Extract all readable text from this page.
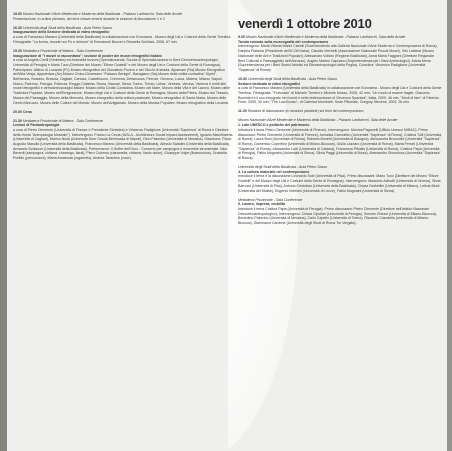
18.00 Museo Nazionale d'Arte Medievale e Moderna della Basilicata - Palazzo Lanfranchi, Sala delle Arcate

Presentazione, in ordine plenario, dei temi chiave emersi durante le sessioni di discussione 1 e 2

16.30 Università degli Studi della Basilicata - Aula Pietro Sasso

Inaugurazione della Sezione dedicata ai video etnografici

a cura di Francesco Marano (Università della Basilicata) in collaborazione con Eurorama - Museo degli Usi e Costumi della Gente Trentina. Filmografia: "La forma, Incontri sul Po e dintorni" di Emmanuel Bunzel e Rossella Schillaci, 2008, 67 min.

19.30 Mediateca Provinciale di Matera - Sala Conferenze

Inaugurazione di "I musei si raccontano": sezione di poster dei musei etnografici italiani

a cura di Angela Cirelli (Simbdea) ed Antonella Iezzoni (Specializzanda, Scuola di Specializzazione in Beni Demoetnoantropologici, Università di Perugia) e Mario Turci (Direttore del Museo "Ettore Guatelli" e del Museo degli Usi e Costumi della Gente di Romagna). Partecipano: Allievo di Lucarda (FV)-Museo etnografico del Giocattolo Povero e dei Giochi di strada, Alpamare (Ra)-Museo Etnografico dell'Alta Vesja, Appuledwa (Av)-Museo Civico-Diocesano "Palazzo Benigni", Baragiano (Sa)-Museo della civiltà contadina "Alpini", Bellinzona, Bolzano, Brescia, Cagliari, Canosa, Castelbuono, Cremona, Delianuova, Firenze, Genova, Lucca, Matera, Milano, Napoli, Nuoro, Palermo, Perugia, Potenza, Reggio Calabria, Roma, Sassari, Siena, Torino, Trento, Udine, Venezia, Verona, Vicenza e molti altri musei etnografici e demoantropologici italiani: Museo della Civiltà Contadina, Museo del Mare, Museo della Vita e del Lavoro, Museo delle Tradizioni Popolari, Museo dell'Emigrazione, Museo degli Usi e Costumi della Gente di Romagna, Museo della Pietra, Museo del Tessuto, Museo del Paesaggio, Museo della Memoria, Museo etnografico della cultura pastorale, Museo etnografico di Santa Maria, Museo delle Genti d'Abruzzo, Museo delle Culture del Mondo, Museo dell'Artigianato, Museo della Musica Popolare, Museo etnografico della Lucania.

20.00 Cena

21.30 Mediateca Provinciale di Matera - Sala Conferenze

Lezioni di Fantantropologia

a cura di Pietro Clemente (Università di Firenze e Presidente Simbdea) e Vincenzo Padiglione (Università "Sapienza" di Roma e Direttore della rivista "Antropologia Museale"). Intervengono: Franco La Cecla (IUSLA - Architecture Social Impact Assessment), Ignazio Macchiarella (Università di Cagliari), Marino Niola (Università Suor Orsola Benincasa di Napoli), Dino Palumbo (Università di Messina). Discutono: Paolo Augusto Masullo (Università della Basilicata), Francesco Marano (Università della Basilicata), Alessio Saladini (Università della Basilicata), Armando Schiavon (Università della Basilicata). Performance: Il Suffre dell'Orso - Concerto per zampogna e ensemble strumentale. Nico Berardi (zampogna, chitarra, charango, flauti), Piero Colonna (ciaramella, chitarra, flauto dolce), Giuseppe Volpe (fisarmonica), Graziella Porfido (percussioni), Marta Amatruda (organetto), Andrea Tarantino (voce).

venerdì 1 ottobre 2010

9.00 Museo Nazionale d'Arte Medievale e Moderna della Basilicata - Palazzo Lanfranchi, Sala delle Arcate

Tavola rotonda sulla museografia del contemporaneo

Intervengono: Maria Vittoria Marini Clarelli (Sovrintendente alla Galleria Nazionale d'Arte Moderna e Contemporanea di Roma), Daniela Platania (Presidente dell'ICOM Italia), Claudia Veichelli (Associazione Nazionale Piccoli Musei), Vito Lattanzi (Museo Nazionale delle Arti e Tradizioni Popolari), Alessandro Vollaro (Regione Basilicata), Anna Maria Faggioni (Direttore Regionale Beni Culturali e Paesaggistici dell'Abruzzo), Angelo Marino Capuano (Soprintendenza per i Beni Archeologici), Marta Mena (Soprintendenza per i Beni Storici Artistici ed Etnoantropologici della Puglia). Coordina: Vincenzo Padiglione (Università "Sapienza" di Roma)

10.30 Università degli Studi della Basilicata - Aula Pietro Sasso

Sezione dedicata ai video etnografici

a cura di Francesco Marano (Università della Basilicata) in collaborazione con Eurorama - Museo degli Usi e Costumi della Gente Trentina. Filmografia: "Fortunato" di Michele Trentini e Michele Mosso, 2005, 42 min; "Un modo di essere fragile. Giacomo Bucchieri e il suo etnografo nei ricordi e nelle testimonianze di Vincenzo Spaziani", Italia, 2009, 46 min; "Modi di fare" di Fabrizio Fiore, 2009, 30 min; "The Low Bunso", di Caterina Morcinelli, Sean Pittoriale, Gregory Stevens, 2009, 26 min.

11.00 Sessioni di discussione (in sessioni parallele) sui temi del contemporaneo:

Museo Nazionale d'Arte Medievale e Moderna della Basilicata - Palazzo Lanfranchi, Sala delle Arcate

1. Late UNESCO e politiche del patrimonio

Introduce il tema Pietro Clemente (Università di Firenze). Intervengono: Monica Paganelli (Ufficio Unesco MIBAC). Primo discussant: Pietro Clemente (Università di Firenze), Annalisa Camoletto (Università "Sapienza" di Roma), Cristina Tulli (Università di Roma), Laura Boni (Università di Roma), Roberta Bonetti (Università di Bologna), Alessandra Broccolini (Università "Sapienza" di Roma), Domenico Copertino (Università di Milano-Bicocca), Giulia Lazzaro (Università di Roma), Marta Ferrari (Università "Sapienza" di Roma), Alessandro Lutri (Università di Catania), Francesca Pitzalis (Università di Roma), Cristina Papa (Università di Perugia), Fabio Mugnaini (Università di Siena), Silvia Paggi (Università di Nizza), Alessandro Simonicca (Università "Sapienza" di Roma).

Università degli Studi della Basilicata - Aula Pietro Sasso

4. La cultura materiale nel contemporaneo

Introduce il tema e la discussione Leonardo Sole (Università di Pisa). Primo discussant: Mario Turci (Direttore del Museo "Ettore Guatelli" e del Museo degli Usi e Costumi della Gente di Romagna). Intervengono: Massimo Adinolfi (Università di Verona), Silvia Barrucci (Università di Pisa), Antonio Cristofaro (Università della Basilicata), Chiara Garbellini (Università di Milano), Letizia Bindi (Università del Molise), Eugenio Imbriani (Università di Lecce), Fabio Mugnaini (Università di Siena).

Mediateca Provinciale - Sala Conferenze

5. Lavoro, impresa, mobilità

Introduce il tema Cristina Papa (Università di Perugia). Primo discussant: Pietro Clemente (Direttore dell'Istituto Nazionale Demoetnoantropologico). Intervengono: Chiara Cipollari (Università di Perugia), Simone Ghezzi (Università di Milano-Bicocca), Berardino Palumbo (Università di Messina), Carlo Capello (Università di Torino), Riccardo Ciavolella (Università di Milano-Bicocca), Gianmarco Cardone (Università degli Studi di Roma Tor Vergata).
